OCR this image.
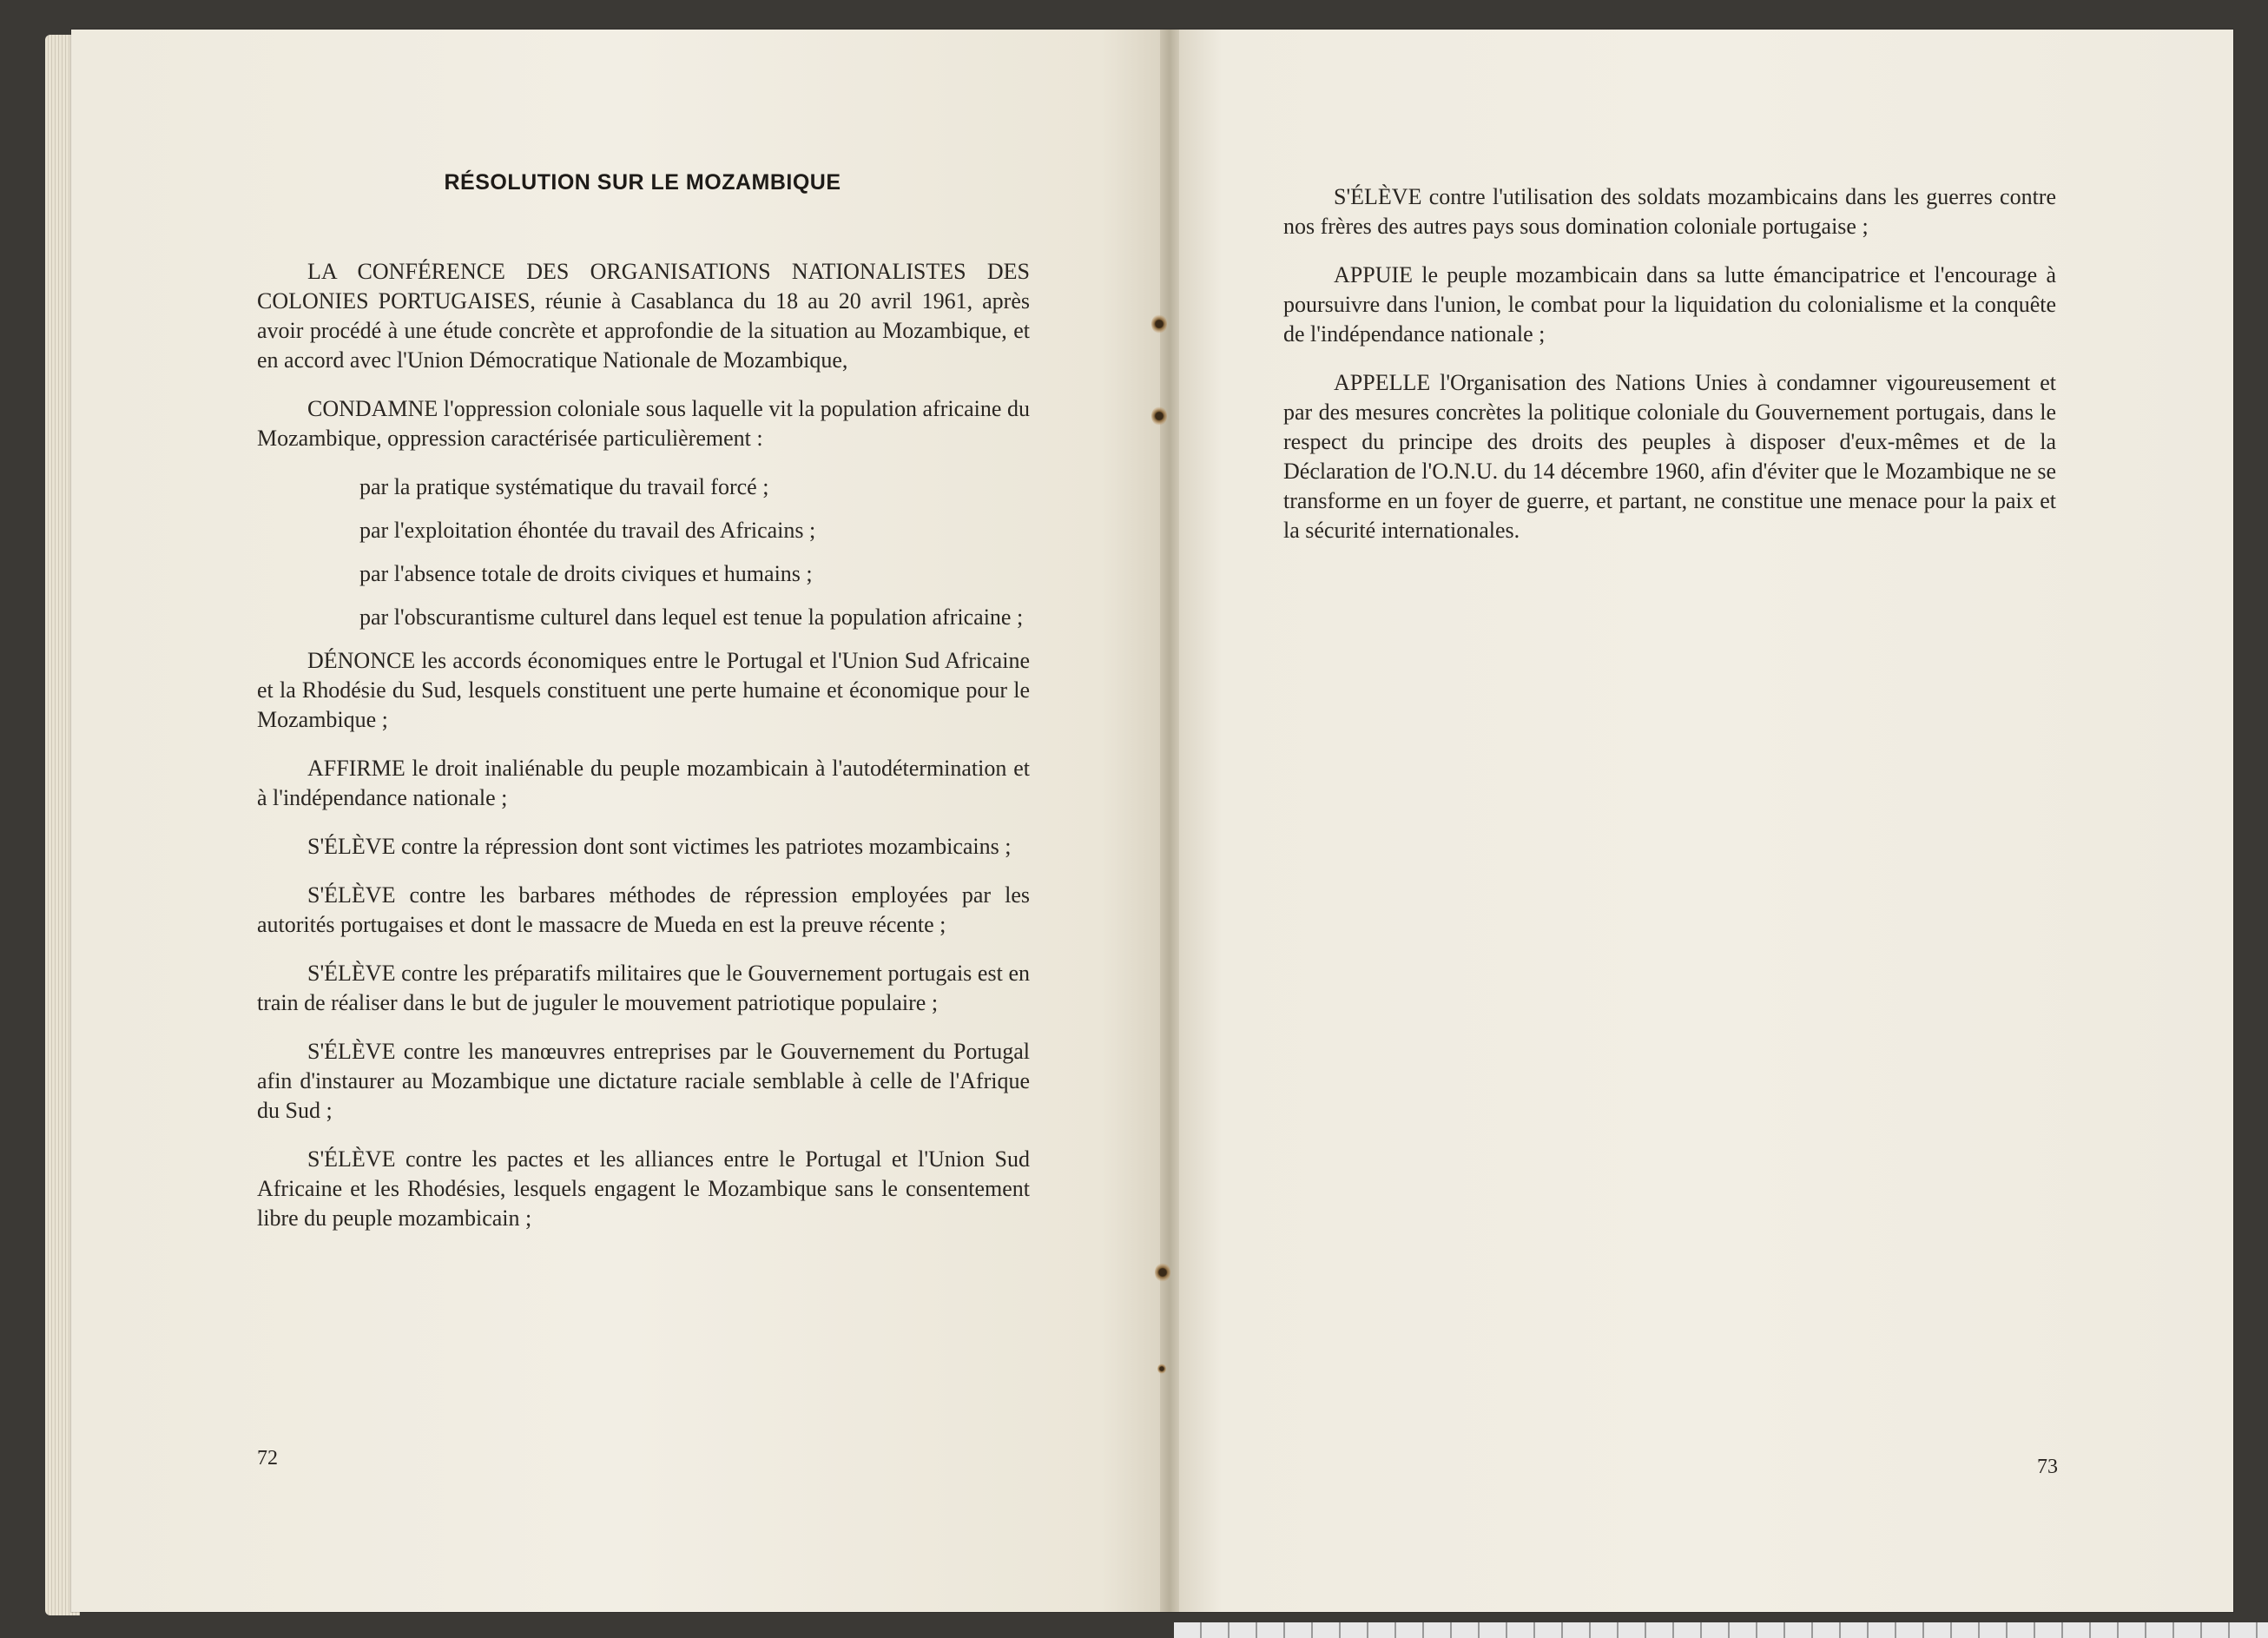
RÉSOLUTION SUR LE MOZAMBIQUE

LA CONFÉRENCE DES ORGANISATIONS NATIONALISTES DES COLONIES PORTUGAISES, réunie à Casablanca du 18 au 20 avril 1961, après avoir procédé à une étude concrète et approfondie de la situation au Mozambique, et en accord avec l'Union Démocratique Nationale de Mozambique,

CONDAMNE l'oppression coloniale sous laquelle vit la population africaine du Mozambique, oppression caractérisée particulièrement :

par la pratique systématique du travail forcé ;
par l'exploitation éhontée du travail des Africains ;
par l'absence totale de droits civiques et humains ;
par l'obscurantisme culturel dans lequel est tenue la population africaine ;

DÉNONCE les accords économiques entre le Portugal et l'Union Sud Africaine et la Rhodésie du Sud, lesquels constituent une perte humaine et économique pour le Mozambique ;

AFFIRME le droit inaliénable du peuple mozambicain à l'autodétermination et à l'indépendance nationale ;

S'ÉLÈVE contre la répression dont sont victimes les patriotes mozambicains ;

S'ÉLÈVE contre les barbares méthodes de répression employées par les autorités portugaises et dont le massacre de Mueda en est la preuve récente ;

S'ÉLÈVE contre les préparatifs militaires que le Gouvernement portugais est en train de réaliser dans le but de juguler le mouvement patriotique populaire ;

S'ÉLÈVE contre les manœuvres entreprises par le Gouvernement du Portugal afin d'instaurer au Mozambique une dictature raciale semblable à celle de l'Afrique du Sud ;

S'ÉLÈVE contre les pactes et les alliances entre le Portugal et l'Union Sud Africaine et les Rhodésies, lesquels engagent le Mozambique sans le consentement libre du peuple mozambicain ;

72

S'ÉLÈVE contre l'utilisation des soldats mozambicains dans les guerres contre nos frères des autres pays sous domination coloniale portugaise ;

APPUIE le peuple mozambicain dans sa lutte émancipatrice et l'encourage à poursuivre dans l'union, le combat pour la liquidation du colonialisme et la conquête de l'indépendance nationale ;

APPELLE l'Organisation des Nations Unies à condamner vigoureusement et par des mesures concrètes la politique coloniale du Gouvernement portugais, dans le respect du principe des droits des peuples à disposer d'eux-mêmes et de la Déclaration de l'O.N.U. du 14 décembre 1960, afin d'éviter que le Mozambique ne se transforme en un foyer de guerre, et partant, ne constitue une menace pour la paix et la sécurité internationales.

73
